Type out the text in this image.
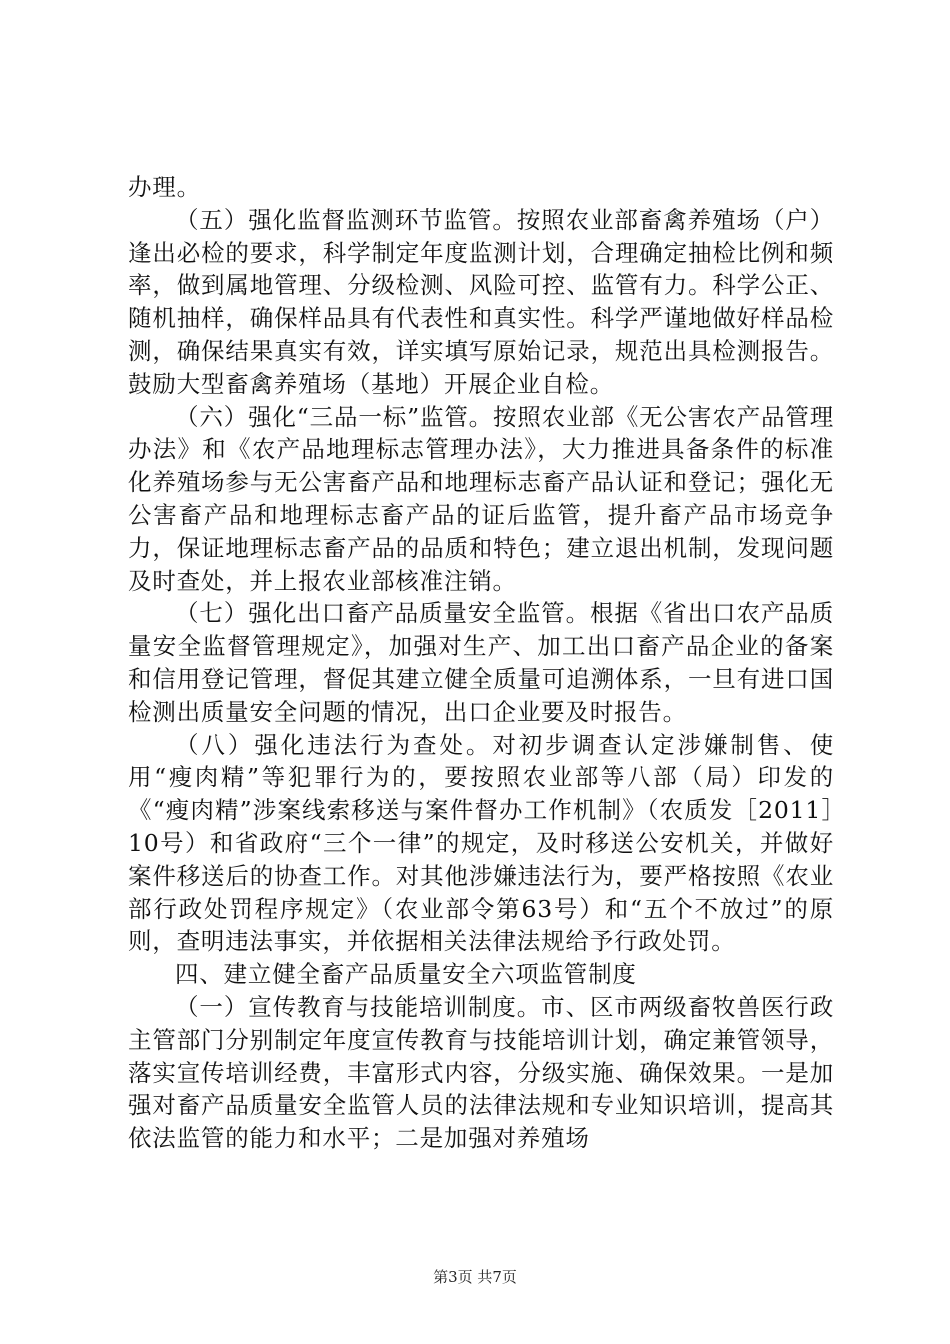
办理。

（五）强化监督监测环节监管。按照农业部畜禽养殖场（户）逢出必检的要求，科学制定年度监测计划，合理确定抽检比例和频率，做到属地管理、分级检测、风险可控、监管有力。科学公正、随机抽样，确保样品具有代表性和真实性。科学严谨地做好样品检测，确保结果真实有效，详实填写原始记录，规范出具检测报告。鼓励大型畜禽养殖场（基地）开展企业自检。

（六）强化“三品一标”监管。按照农业部《无公害农产品管理办法》和《农产品地理标志管理办法》，大力推进具备条件的标准化养殖场参与无公害畜产品和地理标志畜产品认证和登记；强化无公害畜产品和地理标志畜产品的证后监管，提升畜产品市场竞争力，保证地理标志畜产品的品质和特色；建立退出机制，发现问题及时查处，并上报农业部核准注销。

（七）强化出口畜产品质量安全监管。根据《省出口农产品质量安全监督管理规定》，加强对生产、加工出口畜产品企业的备案和信用登记管理，督促其建立健全质量可追溯体系，一旦有进口国检测出质量安全问题的情况，出口企业要及时报告。

（八）强化违法行为查处。对初步调查认定涉嫌制售、使用“瘦肉精”等犯罪行为的，要按照农业部等八部（局）印发的《“瘦肉精”涉案线索移送与案件督办工作机制》（农质发［2011］10号）和省政府“三个一律”的规定，及时移送公安机关，并做好案件移送后的协查工作。对其他涉嫌违法行为，要严格按照《农业部行政处罚程序规定》（农业部令第63号）和“五个不放过”的原则，查明违法事实，并依据相关法律法规给予行政处罚。

四、建立健全畜产品质量安全六项监管制度

（一）宣传教育与技能培训制度。市、区市两级畜牧兽医行政主管部门分别制定年度宣传教育与技能培训计划，确定兼管领导，落实宣传培训经费，丰富形式内容，分级实施、确保效果。一是加强对畜产品质量安全监管人员的法律法规和专业知识培训，提高其依法监管的能力和水平；二是加强对养殖场

第3页 共7页
